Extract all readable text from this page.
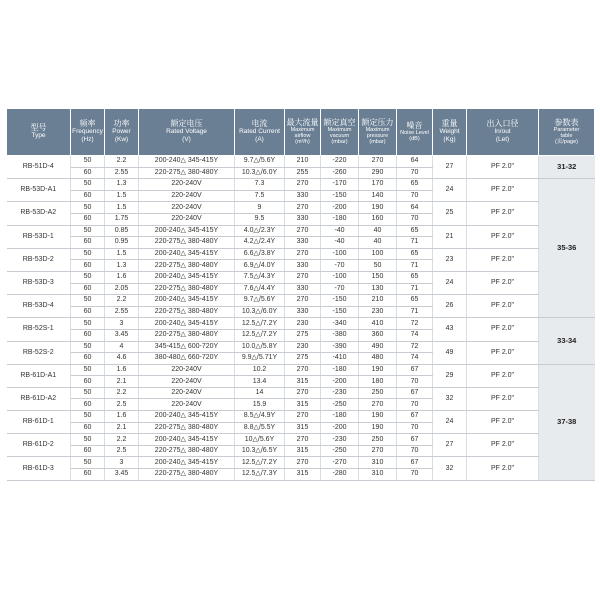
型号
Type	频率
Frequency
(Hz)	功率
Power
(Kw)	额定电压
Rated Voltage
(V)	电流
Rated Current
(A)	最大流量
Maximum
airflow
(m³/h)	额定真空
Maximum
vacuum
(mbar)	额定压力
Maximum
pressure
(mbar)	噪音
Noise Level
(dB)	重量
Weight
(Kg)	出入口径
In/out
(Let)	参数表
Parameter
table
(页/page)

RB-51D-4	50	2.2	200-240△ 345-415Y	9.7△/5.6Y	210	-220	270	64	27	PF 2.0"	31-32
	60	2.55	220-275△ 380-480Y	10.3△/6.0Y	255	-260	290	70			
RB-53D-A1	50	1.3	220-240V	7.3	270	-170	170	65	24	PF 2.0"	35-36
	60	1.5	220-240V	7.5	330	-150	140	70			
RB-53D-A2	50	1.5	220-240V	9	270	-200	190	64	25	PF 2.0"	
	60	1.75	220-240V	9.5	330	-180	160	70			
RB-53D-1	50	0.85	200-240△ 345-415Y	4.0△/2.3Y	270	-40	40	65	21	PF 2.0"	
	60	0.95	220-275△ 380-480Y	4.2△/2.4Y	330	-40	40	71			
RB-53D-2	50	1.5	200-240△ 345-415Y	6.6△/3.8Y	270	-100	100	65	23	PF 2.0"	
	60	1.3	220-275△ 380-480Y	6.9△/4.0Y	330	-70	50	71			
RB-53D-3	50	1.6	200-240△ 345-415Y	7.5△/4.3Y	270	-100	150	65	24	PF 2.0"	
	60	2.05	220-275△ 380-480Y	7.6△/4.4Y	330	-70	130	71			
RB-53D-4	50	2.2	200-240△ 345-415Y	9.7△/5.6Y	270	-150	210	65	26	PF 2.0"	
	60	2.55	220-275△ 380-480Y	10.3△/6.0Y	330	-150	230	71			
RB-52S-1	50	3	200-240△ 345-415Y	12.5△/7.2Y	230	-340	410	72	43	PF 2.0"	33-34
	60	3.45	220-275△ 380-480Y	12.5△/7.2Y	275	-380	360	74			
RB-52S-2	50	4	345-415△ 600-720Y	10.0△/5.8Y	230	-390	490	72	49	PF 2.0"	
	60	4.6	380-480△ 660-720Y	9.9△/5.71Y	275	-410	480	74			
RB-61D-A1	50	1.6	220-240V	10.2	270	-180	190	67	29	PF 2.0"	37-38
	60	2.1	220-240V	13.4	315	-200	180	70			
RB-61D-A2	50	2.2	220-240V	14	270	-230	250	67	32	PF 2.0"	
	60	2.5	220-240V	15.9	315	-250	270	70			
RB-61D-1	50	1.6	200-240△ 345-415Y	8.5△/4.9Y	270	-180	190	67	24	PF 2.0"	
	60	2.1	220-275△ 380-480Y	8.8△/5.5Y	315	-200	190	70			
RB-61D-2	50	2.2	200-240△ 345-415Y	10△/5.6Y	270	-230	250	67	27	PF 2.0"	
	60	2.5	220-275△ 380-480Y	10.3△/6.5Y	315	-250	270	70			
RB-61D-3	50	3	200-240△ 345-415Y	12.5△/7.2Y	270	-270	310	67	32	PF 2.0"	
	60	3.45	220-275△ 380-480Y	12.5△/7.3Y	315	-280	310	70			
